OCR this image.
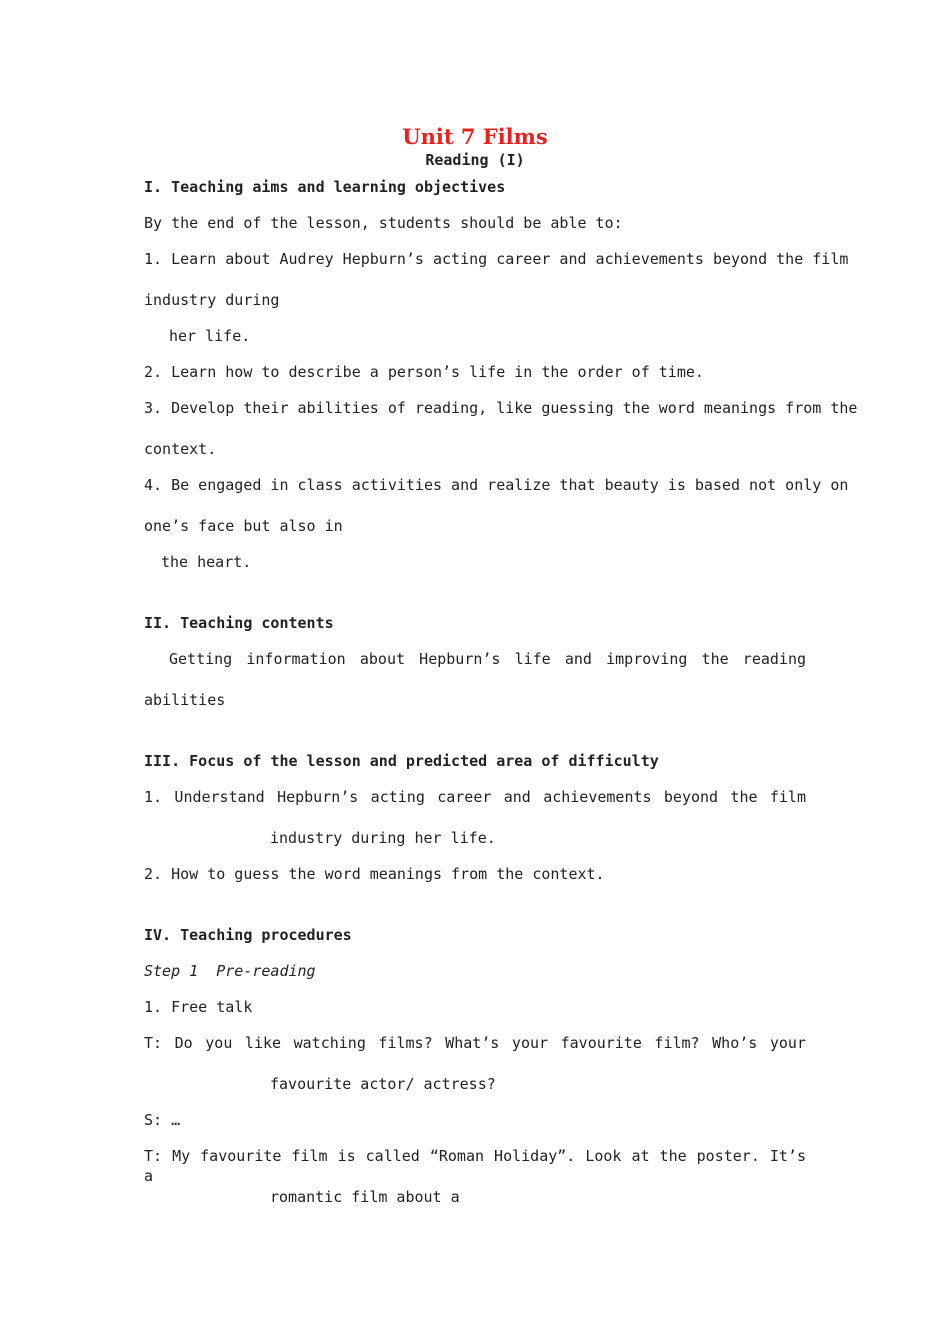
Unit 7 Films
Reading (I)
I. Teaching aims and learning objectives
By the end of the lesson, students should be able to:
1. Learn about Audrey Hepburn’s acting career and achievements beyond the film
industry during
her life.
2. Learn how to describe a person’s life in the order of time.
3. Develop their abilities of reading, like guessing the word meanings from the
context.
4. Be engaged in class activities and realize that beauty is based not only on
one’s face but also in
the heart.
II. Teaching contents
Getting information about Hepburn’s life and improving the reading
abilities
III. Focus of the lesson and predicted area of difficulty
1. Understand Hepburn’s acting career and achievements beyond the film
industry during her life.
2. How to guess the word meanings from the context.
IV. Teaching procedures
Step 1  Pre-reading
1. Free talk
T: Do you like watching films? What’s your favourite film? Who’s your
favourite actor/ actress?
S: …
T: My favourite film is called “Roman Holiday”. Look at the poster. It’s a
romantic film about a
